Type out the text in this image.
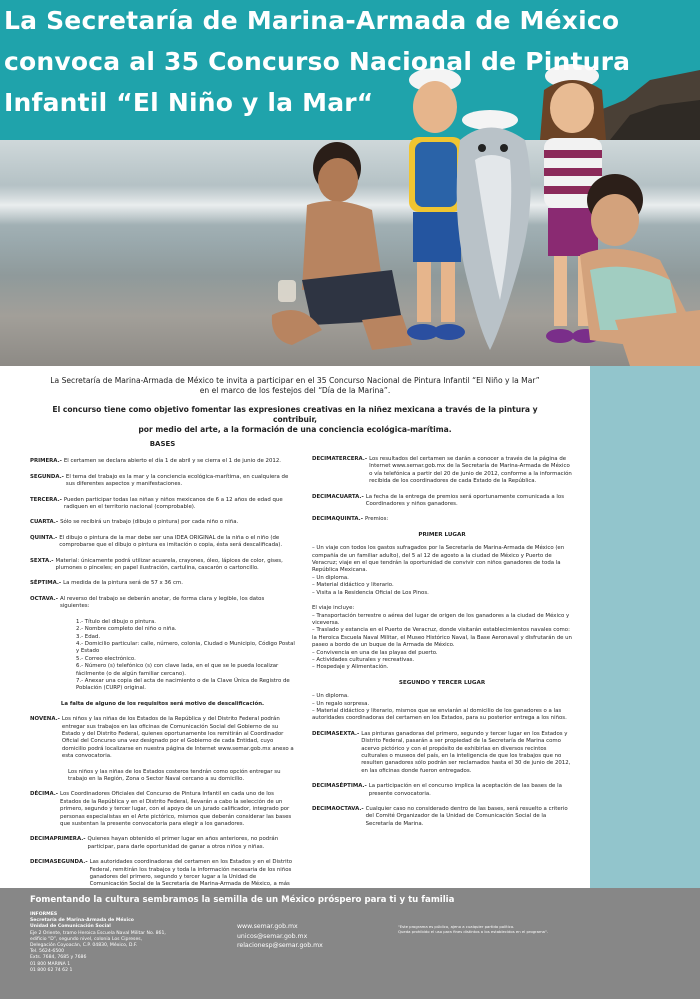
La Secretaría de Marina-Armada de México convoca al 35 Concurso Nacional de Pintura Infantil “El Niño y la Mar“

La Secretaría de Marina-Armada de México te invita a participar en el 35 Concurso Nacional de Pintura Infantil “El Niño y la Mar”
en el marco de los festejos del “Día de la Marina”.

El concurso tiene como objetivo fomentar las expresiones creativas en la niñez mexicana a través de la pintura y contribuir,
por medio del arte, a la formación de una conciencia ecológica-marítima.

BASES
PRIMERA.- El certamen se declara abierto el día 1 de abril y se cierra el 1 de junio de 2012.
SEGUNDA.- El tema del trabajo es la mar y la conciencia ecológica-marítima, en cualquiera de sus diferentes aspectos y manifestaciones.
TERCERA.- Pueden participar todas las niñas y niños mexicanos de 6 a 12 años de edad que radiquen en el territorio nacional (comprobable).
CUARTA.- Sólo se recibirá un trabajo (dibujo o pintura) por cada niño o niña.
QUINTA.- El dibujo o pintura de la mar debe ser una IDEA ORIGINAL de la niña o el niño (de comprobarse que el dibujo o pintura es imitación o copia, ésta será descalificada).
SEXTA.- Material: únicamente podrá utilizar acuarela, crayones, óleo, lápices de color, gises, plumones o pinceles; en papel ilustración, cartulina, cascarón o cartoncillo.
SÉPTIMA.- La medida de la pintura será de 57 x 36 cm.
OCTAVA.- Al reverso del trabajo se deberán anotar, de forma clara y legible, los datos siguientes:
1.- Título del dibujo o pintura.
2.- Nombre completo del niño o niña.
3.- Edad.
4.- Domicilio particular: calle, número, colonia, Ciudad o Municipio, Código Postal y Estado
5.- Correo electrónico.
6.- Número (s) telefónico (s) con clave lada, en el que se le pueda localizar fácilmente (o de algún familiar cercano).
7.- Anexar una copia del acta de nacimiento o de la Clave Única de Registro de Población (CURP) original.
La falta de alguno de los requisitos será motivo de descalificación.
NOVENA.- Los niños y las niñas de los Estados de la República y del Distrito Federal podrán entregar sus trabajos en las oficinas de Comunicación Social del Gobierno de su Estado y del Distrito Federal, quienes oportunamente los remitirán al Coordinador Oficial del Concurso una vez designado por el Gobierno de cada Entidad, cuyo domicilio podrá localizarse en nuestra página de Internet www.semar.gob.mx anexo a esta convocatoria.
Los niños y las niñas de los Estados costeros tendrán como opción entregar su trabajo en la Región, Zona o Sector Naval cercano a su domicilio.
DÉCIMA.- Los Coordinadores Oficiales del Concurso de Pintura Infantil en cada uno de los Estados de la República y en el Distrito Federal, llevarán a cabo la selección de un primero, segundo y tercer lugar, con el apoyo de un jurado calificador, integrado por personas especialistas en el Arte pictórico, mismos que deberán considerar las bases que sustentan la presente convocatoria para elegir a los ganadores.
DECIMAPRIMERA.- Quienes hayan obtenido el primer lugar en años anteriores, no podrán participar, para darle oportunidad de ganar a otros niños y niñas.
DECIMASEGUNDA.- Las autoridades coordinadoras del certamen en los Estados y en el Distrito Federal, remitirán los trabajos y toda la información necesaria de los niños ganadores del primero, segundo y tercer lugar a la Unidad de Comunicación Social de la Secretaría de Marina-Armada de México, a más
DECIMATERCERA.- Los resultados del certamen se darán a conocer a través de la página de Internet www.semar.gob.mx de la Secretaría de Marina-Armada de México o vía telefónica a partir del 20 de junio de 2012, conforme a la información recibida de los coordinadores de cada Estado de la República.
DECIMACUARTA.- La fecha de la entrega de premios será oportunamente comunicada a los Coordinadores y niños ganadores.
DECIMAQUINTA.- Premios:
PRIMER LUGAR
– Un viaje con todos los gastos sufragados por la Secretaría de Marina-Armada de México (en compañía de un familiar adulto), del 5 al 12 de agosto a la ciudad de México y Puerto de Veracruz; viaje en el que tendrán la oportunidad de convivir con niños ganadores de toda la República Mexicana.
– Un diploma.
– Material didáctico y literario.
– Visita a la Residencia Oficial de Los Pinos.
El viaje incluye:
– Transportación terrestre o aérea del lugar de origen de los ganadores a la ciudad de México y viceversa.
– Traslado y estancia en el Puerto de Veracruz, donde visitarán establecimientos navales como: la Heroica Escuela Naval Militar, el Museo Histórico Naval, la Base Aeronaval y disfrutarán de un paseo a bordo de un buque de la Armada de México.
– Convivencia en una de las playas del puerto.
– Actividades culturales y recreativas.
– Hospedaje y Alimentación.
SEGUNDO Y TERCER LUGAR
– Un diploma.
– Un regalo sorpresa.
– Material didáctico y literario, mismos que se enviarán al domicilio de los ganadores o a las autoridades coordinadoras del certamen en los Estados, para su posterior entrega a los niños.
DECIMASEXTA.- Las pinturas ganadoras del primero, segundo y tercer lugar en los Estados y Distrito Federal, pasarán a ser propiedad de la Secretaría de Marina como acervo pictórico y con el propósito de exhibirlas en diversos recintos culturales o museos del país, en la inteligencia de que los trabajos que no resulten ganadores sólo podrán ser reclamados hasta el 30 de junio de 2012, en las oficinas donde fueron entregados.
DECIMASÉPTIMA.- La participación en el concurso implica la aceptación de las bases de la presente convocatoria.
DECIMAOCTAVA.- Cualquier caso no considerado dentro de las bases, será resuelto a criterio del Comité Organizador de la Unidad de Comunicación Social de la Secretaría de Marina.
Fomentando la cultura sembramos la semilla de un México próspero para ti y tu familia
INFORMES
Secretaría de Marina-Armada de México
Unidad de Comunicación Social
Eje 2 Oriente, tramo Heroica Escuela Naval Militar No. 861,
edificio “D”, segundo nivel, colonia Los Cipreses,
Delegación Coyoacán, C.P. 04830, México, D.F.
Tel. 5624-6500
Exts. 7684, 7685 y 7686
01 800 MARINA 1
01 800 62 74 62 1
www.semar.gob.mx
unicos@semar.gob.mx
relacionesp@semar.gob.mx
"Este programa es público, ajeno a cualquier partido político.
Queda prohibido el uso para fines distintos a los establecidos en el programa".
